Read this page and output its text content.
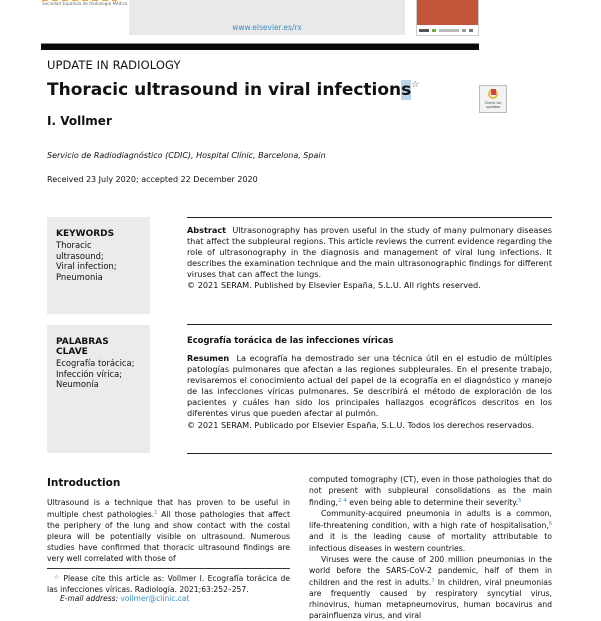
Sociedad Española de Radiología Médica
www.elsevier.es/rx
UPDATE IN RADIOLOGY
Thoracic ultrasound in viral infections☆
Check for updates
I. Vollmer
Servicio de Radiodiagnóstico (CDIC), Hospital Clínic, Barcelona, Spain
Received 23 July 2020; accepted 22 December 2020
KEYWORDS
Thoracic ultrasound;
Viral infection;
Pneumonia
Abstract Ultrasonography has proven useful in the study of many pulmonary diseases that affect the subpleural regions. This article reviews the current evidence regarding the role of ultrasonography in the diagnosis and management of viral lung infections. It describes the examination technique and the main ultrasonographic findings for different viruses that can affect the lungs.
© 2021 SERAM. Published by Elsevier España, S.L.U. All rights reserved.
PALABRAS CLAVE
Ecografía torácica;
Infección vírica;
Neumonía
Ecografía torácica de las infecciones víricas
Resumen La ecografía ha demostrado ser una técnica útil en el estudio de múltiples patologías pulmonares que afectan a las regiones subpleurales. En el presente trabajo, revisaremos el conocimiento actual del papel de la ecografía en el diagnóstico y manejo de las infecciones víricas pulmonares. Se describirá el método de exploración de los pacientes y cuáles han sido los principales hallazgos ecográficos descritos en los diferentes virus que pueden afectar al pulmón.
© 2021 SERAM. Publicado por Elsevier España, S.L.U. Todos los derechos reservados.
Introduction

Ultrasound is a technique that has proven to be useful in multiple chest pathologies.$^1$ All those pathologies that affect the periphery of the lung and show contact with the costal pleura will be potentially visible on ultrasound. Numerous studies have confirmed that thoracic ultrasound findings are very well correlated with those of

computed tomography (CT), even in those pathologies that do not present with subpleural consolidations as the main finding,$^{2-4}$ even being able to determine their severity.$^5$

Community-acquired pneumonia in adults is a common, life-threatening condition, with a high rate of hospitalisation,$^6$ and it is the leading cause of mortality attributable to infectious diseases in western countries.

Viruses were the cause of 200 million pneumonias in the world before the SARS-CoV-2 pandemic, half of them in children and the rest in adults.$^7$ In children, viral pneumonias are frequently caused by respiratory syncytial virus, rhinovirus, human metapneumovirus, human bocavirus and parainfluenza virus, and viral

☆ Please cite this article as: Vollmer I. Ecografía torácica de las infecciones víricas. Radiología. 2021;63:252–257.
E-mail address: vollmer@clinic.cat
